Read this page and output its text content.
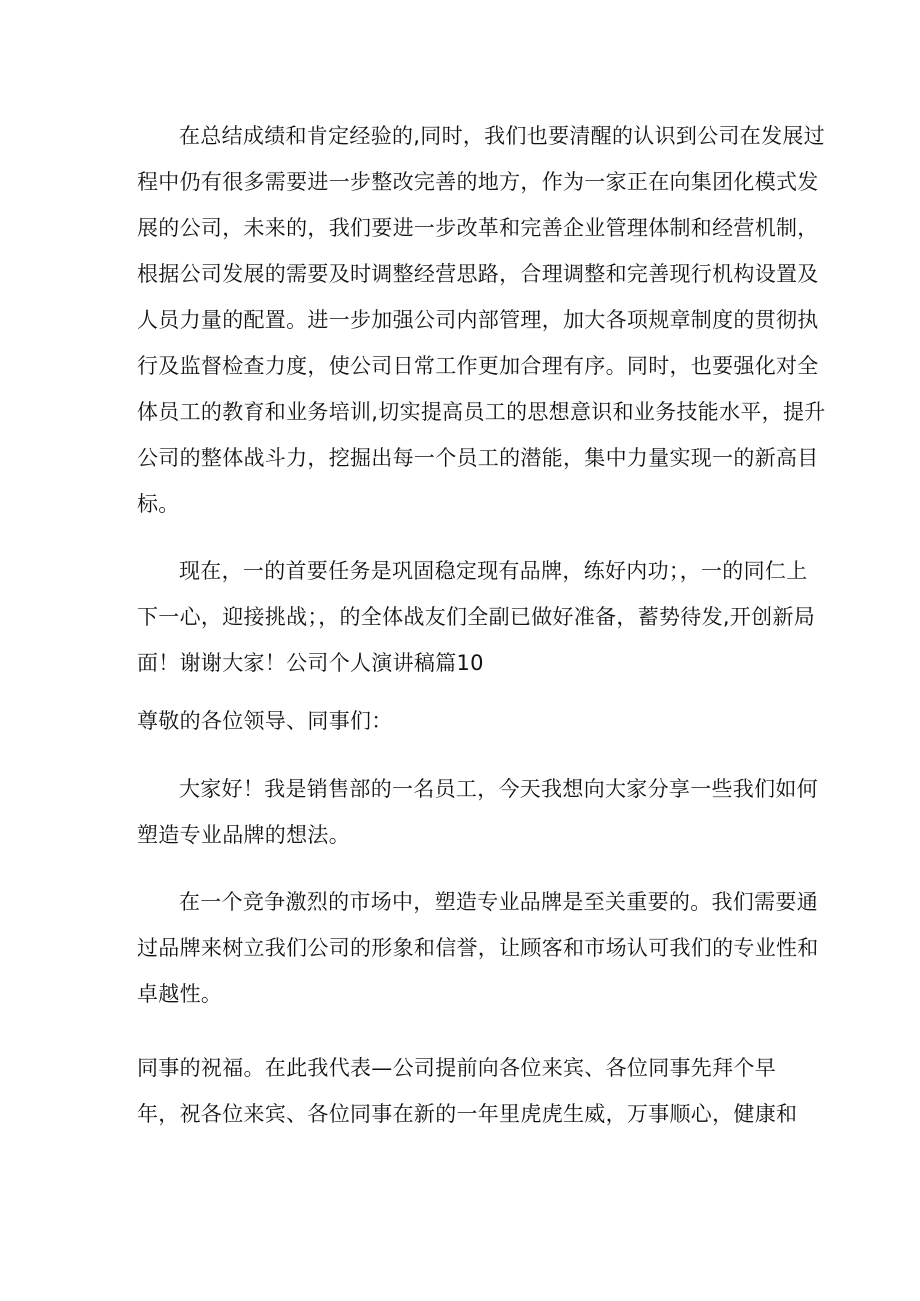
在总结成绩和肯定经验的,同时，我们也要清醒的认识到公司在发展过
程中仍有很多需要进一步整改完善的地方，作为一家正在向集团化模式发
展的公司，未来的，我们要进一步改革和完善企业管理体制和经营机制，
根据公司发展的需要及时调整经营思路，合理调整和完善现行机构设置及
人员力量的配置。进一步加强公司内部管理，加大各项规章制度的贯彻执
行及监督检查力度，使公司日常工作更加合理有序。同时，也要强化对全
体员工的教育和业务培训,切实提高员工的思想意识和业务技能水平，提升
公司的整体战斗力，挖掘出每一个员工的潜能，集中力量实现一的新高目
标。
现在，一的首要任务是巩固稳定现有品牌，练好内功；，一的同仁上
下一心，迎接挑战；，的全体战友们全副已做好准备，蓄势待发,开创新局
面！谢谢大家！公司个人演讲稿篇10
尊敬的各位领导、同事们：
大家好！我是销售部的一名员工，今天我想向大家分享一些我们如何
塑造专业品牌的想法。
在一个竞争激烈的市场中，塑造专业品牌是至关重要的。我们需要通
过品牌来树立我们公司的形象和信誉，让顾客和市场认可我们的专业性和
卓越性。
同事的祝福。在此我代表—公司提前向各位来宾、各位同事先拜个早
年，祝各位来宾、各位同事在新的一年里虎虎生威，万事顺心，健康和
